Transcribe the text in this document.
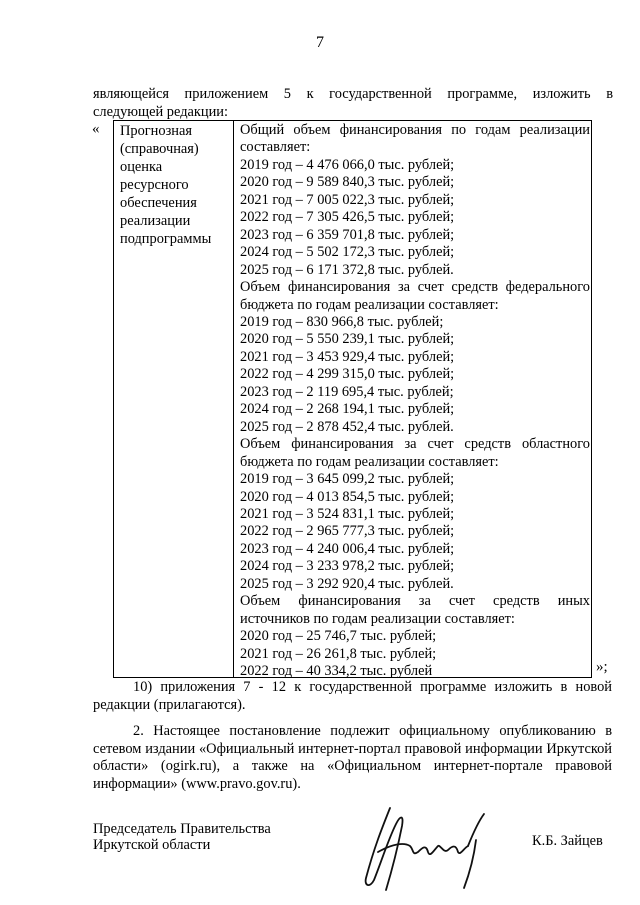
7
являющейся приложением 5 к государственной программе, изложить в
следующей редакции:
« Прогнозная
(справочная)
оценка
ресурсного
обеспечения
реализации
подпрограммы
Общий объем финансирования по годам реализации
составляет:
2019 год – 4 476 066,0 тыс. рублей;
2020 год – 9 589 840,3 тыс. рублей;
2021 год – 7 005 022,3 тыс. рублей;
2022 год – 7 305 426,5 тыс. рублей;
2023 год – 6 359 701,8 тыс. рублей;
2024 год – 5 502 172,3 тыс. рублей;
2025 год – 6 171 372,8 тыс. рублей.
Объем финансирования за счет средств федерального
бюджета по годам реализации составляет:
2019 год – 830 966,8 тыс. рублей;
2020 год – 5 550 239,1 тыс. рублей;
2021 год – 3 453 929,4 тыс. рублей;
2022 год – 4 299 315,0 тыс. рублей;
2023 год – 2 119 695,4 тыс. рублей;
2024 год – 2 268 194,1 тыс. рублей;
2025 год – 2 878 452,4 тыс. рублей.
Объем финансирования за счет средств областного
бюджета по годам реализации составляет:
2019 год – 3 645 099,2 тыс. рублей;
2020 год – 4 013 854,5 тыс. рублей;
2021 год – 3 524 831,1 тыс. рублей;
2022 год – 2 965 777,3 тыс. рублей;
2023 год – 4 240 006,4 тыс. рублей;
2024 год – 3 233 978,2 тыс. рублей;
2025 год – 3 292 920,4 тыс. рублей.
Объем финансирования за счет средств иных
источников по годам реализации составляет:
2020 год – 25 746,7 тыс. рублей;
2021 год – 26 261,8 тыс. рублей;
2022 год – 40 334,2 тыс. рублей	»;

10) приложения 7 - 12 к государственной программе изложить в новой редакции (прилагаются).

2. Настоящее постановление подлежит официальному опубликованию в сетевом издании «Официальный интернет-портал правовой информации Иркутской области» (ogirk.ru), а также на «Официальном интернет-портале правовой информации» (www.pravo.gov.ru).

Председатель Правительства
Иркутской области	К.Б. Зайцев
